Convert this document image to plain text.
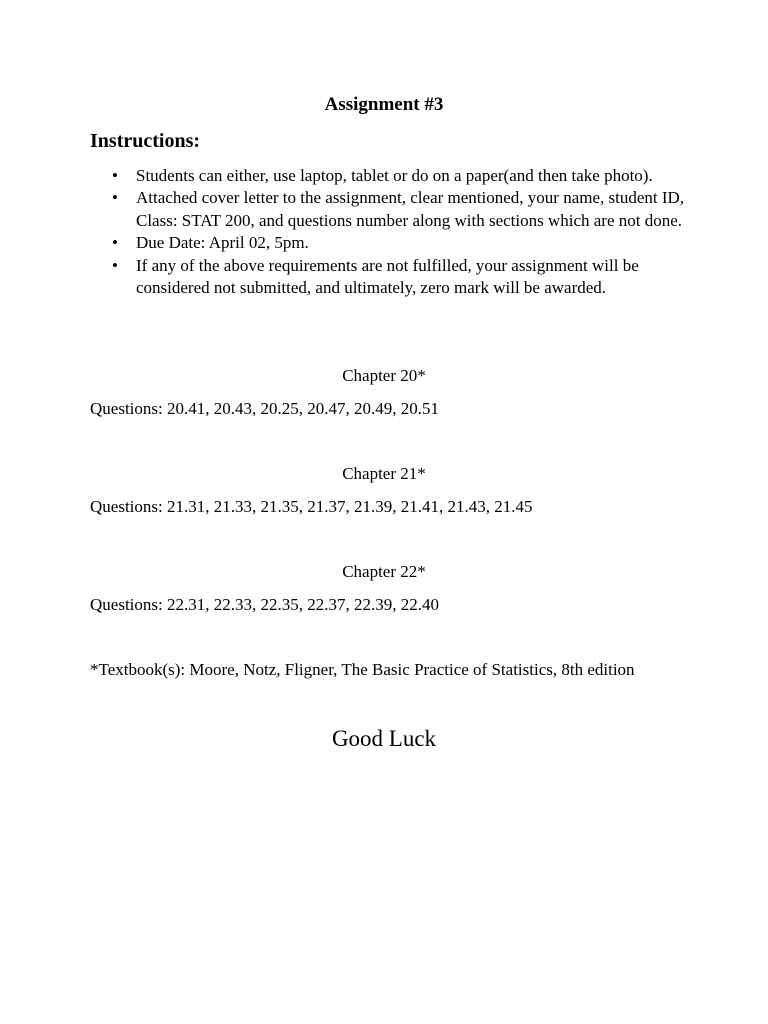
Assignment #3
Instructions:
• Students can either, use laptop, tablet or do on a paper(and then take photo).
• Attached cover letter to the assignment, clear mentioned, your name, student ID, Class: STAT 200, and questions number along with sections which are not done.
• Due Date: April 02, 5pm.
• If any of the above requirements are not fulfilled, your assignment will be considered not submitted, and ultimately, zero mark will be awarded.

Chapter 20*

Questions: 20.41, 20.43, 20.25, 20.47, 20.49, 20.51

Chapter 21*

Questions: 21.31, 21.33, 21.35, 21.37, 21.39, 21.41, 21.43, 21.45

Chapter 22*

Questions: 22.31, 22.33, 22.35, 22.37, 22.39, 22.40

*Textbook(s): Moore, Notz, Fligner, The Basic Practice of Statistics, 8th edition

Good Luck
